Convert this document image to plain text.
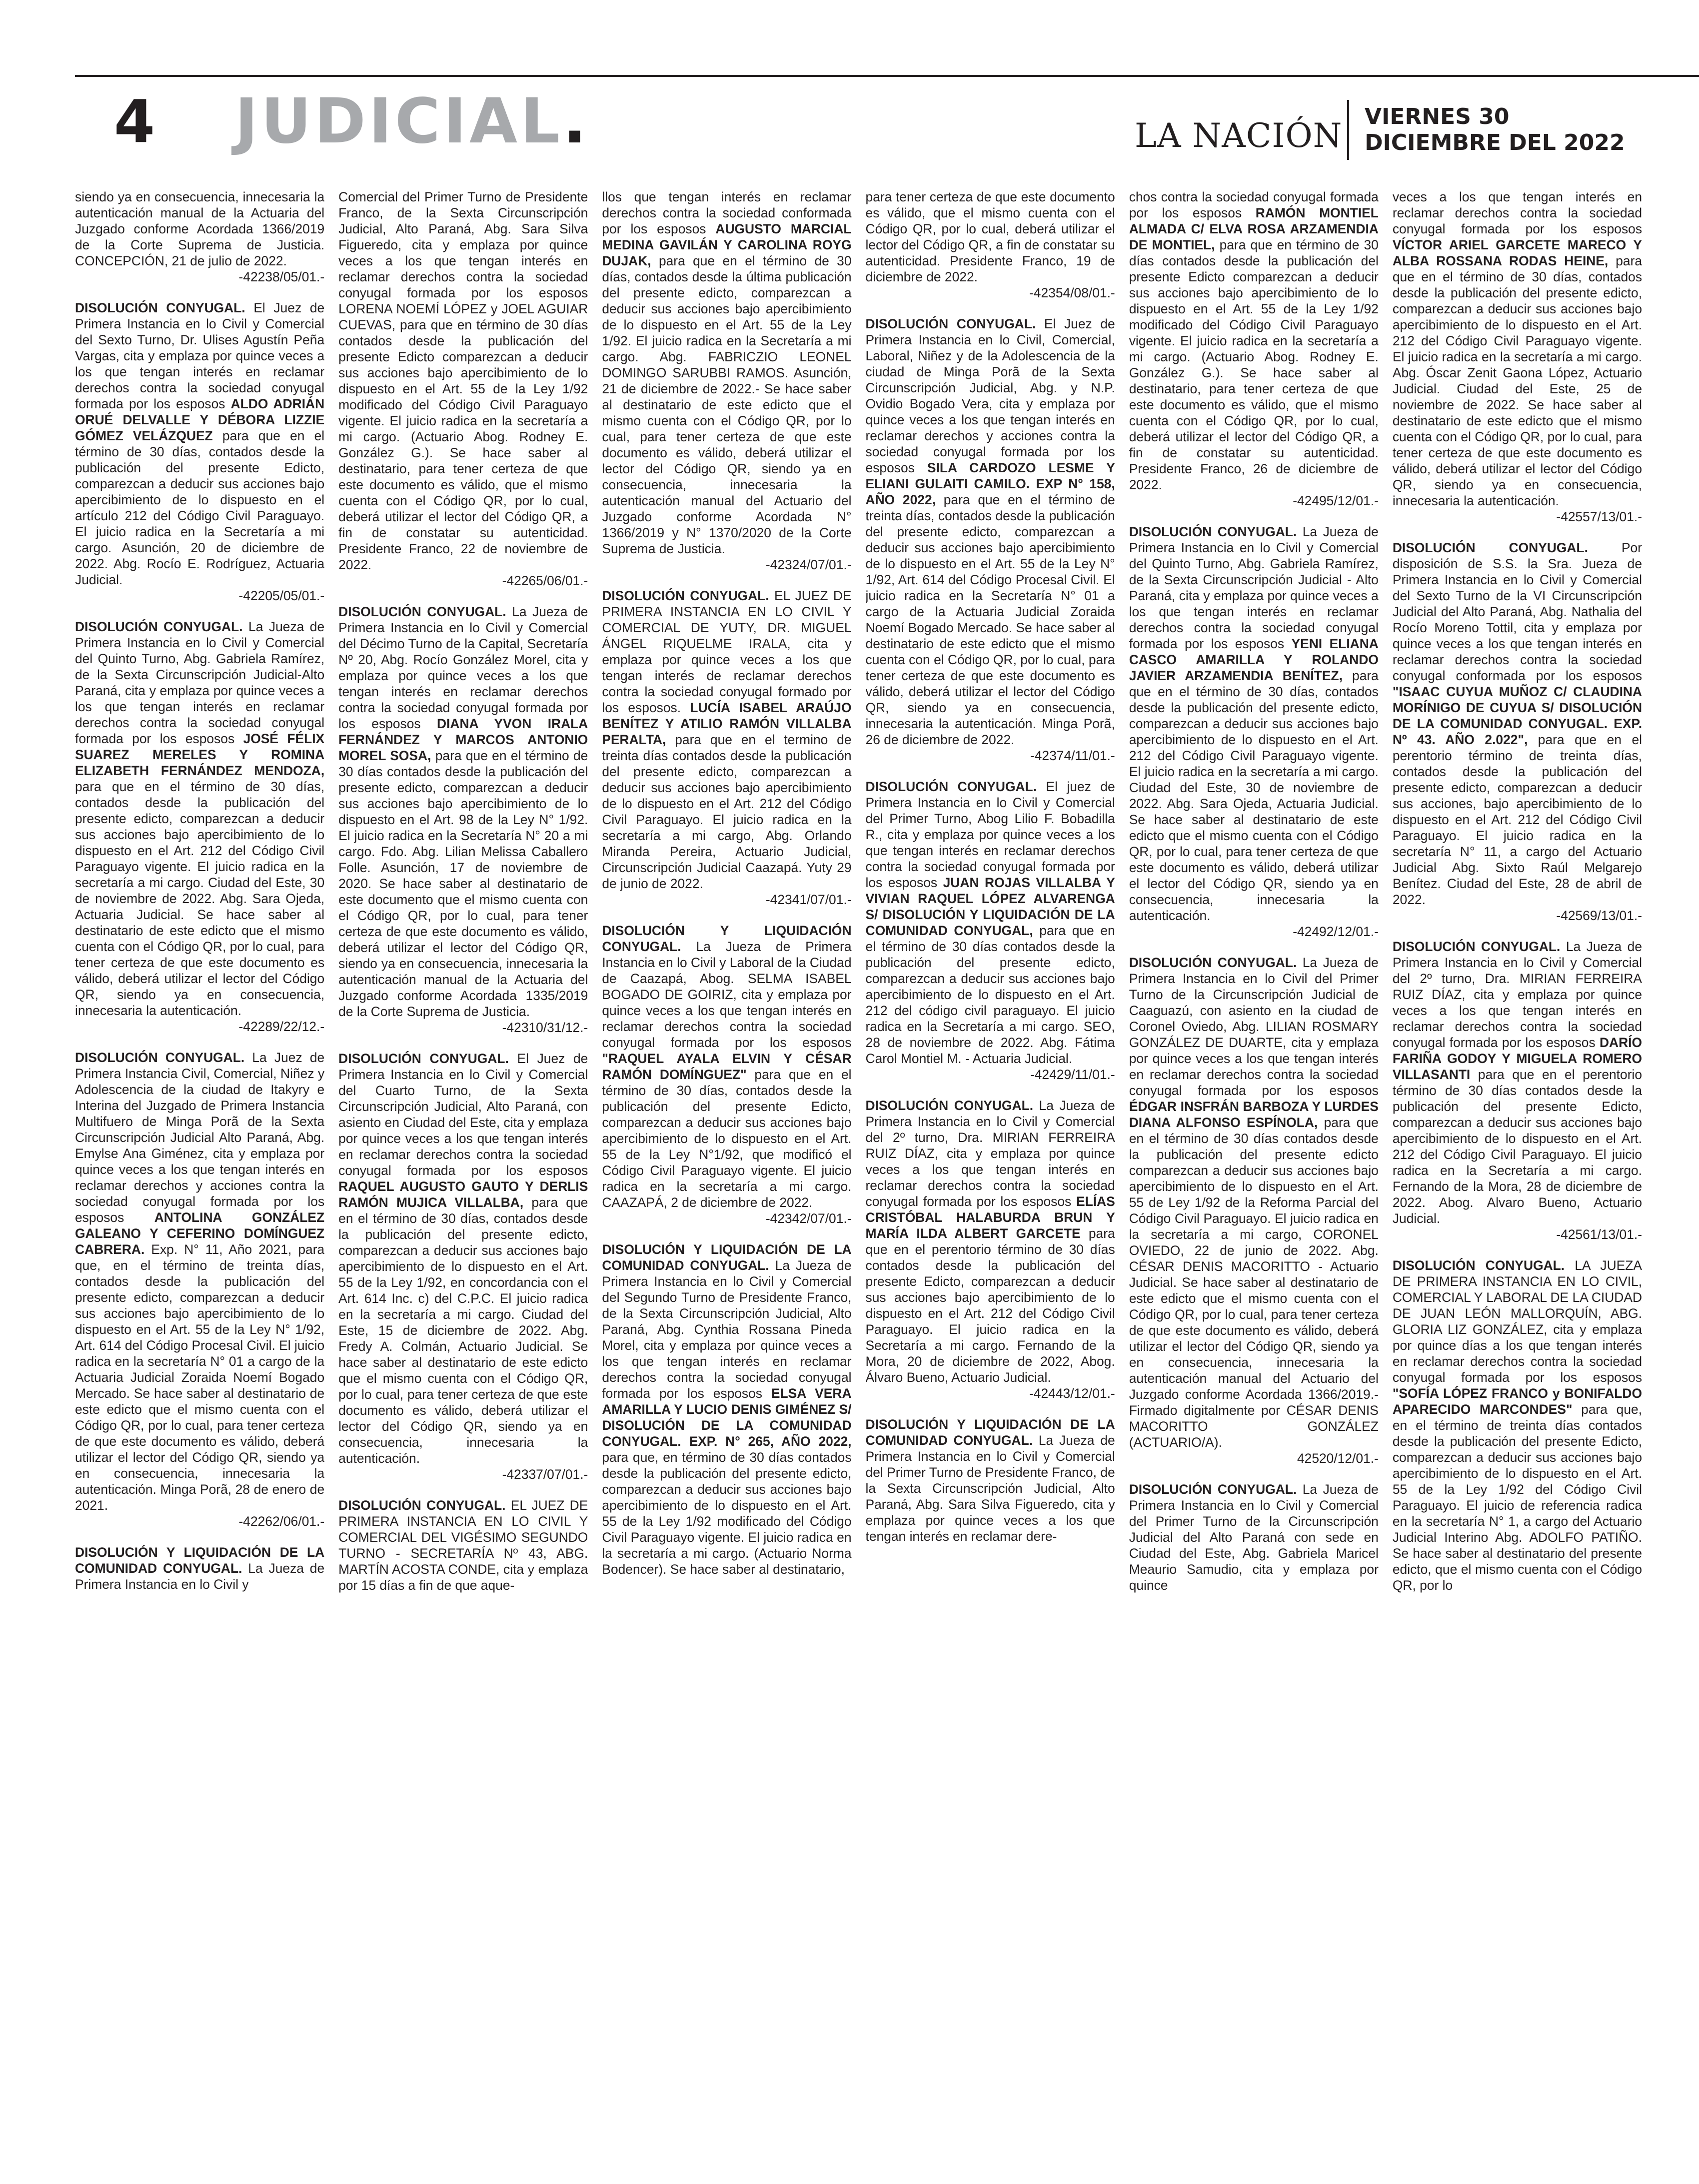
4 JUDICIAL.	LA NACIÓN VIERNES 30
DICIEMBRE DEL 2022

siendo ya en consecuencia, innecesaria la autenticación manual de la Actuaria del Juzgado conforme Acordada 1366/2019 de la Corte Suprema de Justicia. CONCEPCIÓN, 21 de julio de 2022.
-42238/05/01.-

DISOLUCIÓN CONYUGAL. El Juez de Primera Instancia en lo Civil y Comercial del Sexto Turno, Dr. Ulises Agustín Peña Vargas, cita y emplaza por quince veces a los que tengan interés en reclamar derechos contra la sociedad conyugal formada por los esposos ALDO ADRIÁN ORUÉ DELVALLE Y DÉBORA LIZZIE GÓMEZ VELÁZQUEZ para que en el término de 30 días, contados desde la publicación del presente Edicto, comparezcan a deducir sus acciones bajo apercibimiento de lo dispuesto en el artículo 212 del Código Civil Paraguayo. El juicio radica en la Secretaría a mi cargo. Asunción, 20 de diciembre de 2022. Abg. Rocío E. Rodríguez, Actuaria Judicial.
-42205/05/01.-

DISOLUCIÓN CONYUGAL. La Jueza de Primera Instancia en lo Civil y Comercial del Quinto Turno, Abg. Gabriela Ramírez, de la Sexta Circunscripción Judicial-Alto Paraná, cita y emplaza por quince veces a los que tengan interés en reclamar derechos contra la sociedad conyugal formada por los esposos JOSÉ FÉLIX SUAREZ MERELES Y ROMINA ELIZABETH FERNÁNDEZ MENDOZA, para que en el término de 30 días, contados desde la publicación del presente edicto, comparezcan a deducir sus acciones bajo apercibimiento de lo dispuesto en el Art. 212 del Código Civil Paraguayo vigente. El juicio radica en la secretaría a mi cargo. Ciudad del Este, 30 de noviembre de 2022. Abg. Sara Ojeda, Actuaria Judicial. Se hace saber al destinatario de este edicto que el mismo cuenta con el Código QR, por lo cual, para tener certeza de que este documento es válido, deberá utilizar el lector del Código QR, siendo ya en consecuencia, innecesaria la autenticación.
-42289/22/12.-

DISOLUCIÓN CONYUGAL. La Juez de Primera Instancia Civil, Comercial, Niñez y Adolescencia de la ciudad de Itakyry e Interina del Juzgado de Primera Instancia Multifuero de Minga Porã de la Sexta Circunscripción Judicial Alto Paraná, Abg. Emylse Ana Giménez, cita y emplaza por quince veces a los que tengan interés en reclamar derechos y acciones contra la sociedad conyugal formada por los esposos ANTOLINA GONZÁLEZ GALEANO Y CEFERINO DOMÍNGUEZ CABRERA. Exp. N° 11, Año 2021, para que, en el término de treinta días, contados desde la publicación del presente edicto, comparezcan a deducir sus acciones bajo apercibimiento de lo dispuesto en el Art. 55 de la Ley N° 1/92, Art. 614 del Código Procesal Civil. El juicio radica en la secretaría N° 01 a cargo de la Actuaria Judicial Zoraida Noemí Bogado Mercado. Se hace saber al destinatario de este edicto que el mismo cuenta con el Código QR, por lo cual, para tener certeza de que este documento es válido, deberá utilizar el lector del Código QR, siendo ya en consecuencia, innecesaria la autenticación. Minga Porã, 28 de enero de 2021.
-42262/06/01.-

DISOLUCIÓN Y LIQUIDACIÓN DE LA COMUNIDAD CONYUGAL. La Jueza de Primera Instancia en lo Civil y

Comercial del Primer Turno de Presidente Franco, de la Sexta Circunscripción Judicial, Alto Paraná, Abg. Sara Silva Figueredo, cita y emplaza por quince veces a los que tengan interés en reclamar derechos contra la sociedad conyugal formada por los esposos LORENA NOEMÍ LÓPEZ y JOEL AGUIAR CUEVAS, para que en término de 30 días contados desde la publicación del presente Edicto comparezcan a deducir sus acciones bajo apercibimiento de lo dispuesto en el Art. 55 de la Ley 1/92 modificado del Código Civil Paraguayo vigente. El juicio radica en la secretaría a mi cargo. (Actuario Abog. Rodney E. González G.). Se hace saber al destinatario, para tener certeza de que este documento es válido, que el mismo cuenta con el Código QR, por lo cual, deberá utilizar el lector del Código QR, a fin de constatar su autenticidad. Presidente Franco, 22 de noviembre de 2022.
-42265/06/01.-

DISOLUCIÓN CONYUGAL. La Jueza de Primera Instancia en lo Civil y Comercial del Décimo Turno de la Capital, Secretaría Nº 20, Abg. Rocío González Morel, cita y emplaza por quince veces a los que tengan interés en reclamar derechos contra la sociedad conyugal formada por los esposos DIANA YVON IRALA FERNÁNDEZ Y MARCOS ANTONIO MOREL SOSA, para que en el término de 30 días contados desde la publicación del presente edicto, comparezcan a deducir sus acciones bajo apercibimiento de lo dispuesto en el Art. 98 de la Ley N° 1/92. El juicio radica en la Secretaría N° 20 a mi cargo. Fdo. Abg. Lilian Melissa Caballero Folle. Asunción, 17 de noviembre de 2020. Se hace saber al destinatario de este documento que el mismo cuenta con el Código QR, por lo cual, para tener certeza de que este documento es válido, deberá utilizar el lector del Código QR, siendo ya en consecuencia, innecesaria la autenticación manual de la Actuaria del Juzgado conforme Acordada 1335/2019 de la Corte Suprema de Justicia.
-42310/31/12.-

DISOLUCIÓN CONYUGAL. El Juez de Primera Instancia en lo Civil y Comercial del Cuarto Turno, de la Sexta Circunscripción Judicial, Alto Paraná, con asiento en Ciudad del Este, cita y emplaza por quince veces a los que tengan interés en reclamar derechos contra la sociedad conyugal formada por los esposos RAQUEL AUGUSTO GAUTO Y DERLIS RAMÓN MUJICA VILLALBA, para que en el término de 30 días, contados desde la publicación del presente edicto, comparezcan a deducir sus acciones bajo apercibimiento de lo dispuesto en el Art. 55 de la Ley 1/92, en concordancia con el Art. 614 Inc. c) del C.P.C. El juicio radica en la secretaría a mi cargo. Ciudad del Este, 15 de diciembre de 2022. Abg. Fredy A. Colmán, Actuario Judicial. Se hace saber al destinatario de este edicto que el mismo cuenta con el Código QR, por lo cual, para tener certeza de que este documento es válido, deberá utilizar el lector del Código QR, siendo ya en consecuencia, innecesaria la autenticación.
-42337/07/01.-

DISOLUCIÓN CONYUGAL. EL JUEZ DE PRIMERA INSTANCIA EN LO CIVIL Y COMERCIAL DEL VIGÉSIMO SEGUNDO TURNO - SECRETARÍA Nº 43, ABG. MARTÍN ACOSTA CONDE, cita y emplaza por 15 días a fin de que aque-

llos que tengan interés en reclamar derechos contra la sociedad conformada por los esposos AUGUSTO MARCIAL MEDINA GAVILÁN Y CAROLINA ROYG DUJAK, para que en el término de 30 días, contados desde la última publicación del presente edicto, comparezcan a deducir sus acciones bajo apercibimiento de lo dispuesto en el Art. 55 de la Ley 1/92. El juicio radica en la Secretaría a mi cargo. Abg. FABRICZIO LEONEL DOMINGO SARUBBI RAMOS. Asunción, 21 de diciembre de 2022.- Se hace saber al destinatario de este edicto que el mismo cuenta con el Código QR, por lo cual, para tener certeza de que este documento es válido, deberá utilizar el lector del Código QR, siendo ya en consecuencia, innecesaria la autenticación manual del Actuario del Juzgado conforme Acordada N° 1366/2019 y N° 1370/2020 de la Corte Suprema de Justicia.
-42324/07/01.-

DISOLUCIÓN CONYUGAL. EL JUEZ DE PRIMERA INSTANCIA EN LO CIVIL Y COMERCIAL DE YUTY, DR. MIGUEL ÁNGEL RIQUELME IRALA, cita y emplaza por quince veces a los que tengan interés de reclamar derechos contra la sociedad conyugal formado por los esposos. LUCÍA ISABEL ARAÚJO BENÍTEZ Y ATILIO RAMÓN VILLALBA PERALTA, para que en el termino de treinta días contados desde la publicación del presente edicto, comparezcan a deducir sus acciones bajo apercibimiento de lo dispuesto en el Art. 212 del Código Civil Paraguayo. El juicio radica en la secretaría a mi cargo, Abg. Orlando Miranda Pereira, Actuario Judicial, Circunscripción Judicial Caazapá. Yuty 29 de junio de 2022.
-42341/07/01.-

DISOLUCIÓN Y LIQUIDACIÓN CONYUGAL. La Jueza de Primera Instancia en lo Civil y Laboral de la Ciudad de Caazapá, Abog. SELMA ISABEL BOGADO DE GOIRIZ, cita y emplaza por quince veces a los que tengan interés en reclamar derechos contra la sociedad conyugal formada por los esposos "RAQUEL AYALA ELVIN Y CÉSAR RAMÓN DOMÍNGUEZ" para que en el término de 30 días, contados desde la publicación del presente Edicto, comparezcan a deducir sus acciones bajo apercibimiento de lo dispuesto en el Art. 55 de la Ley N°1/92, que modificó el Código Civil Paraguayo vigente. El juicio radica en la secretaría a mi cargo. CAAZAPÁ, 2 de diciembre de 2022.
-42342/07/01.-

DISOLUCIÓN Y LIQUIDACIÓN DE LA COMUNIDAD CONYUGAL. La Jueza de Primera Instancia en lo Civil y Comercial del Segundo Turno de Presidente Franco, de la Sexta Circunscripción Judicial, Alto Paraná, Abg. Cynthia Rossana Pineda Morel, cita y emplaza por quince veces a los que tengan interés en reclamar derechos contra la sociedad conyugal formada por los esposos ELSA VERA AMARILLA Y LUCIO DENIS GIMÉNEZ S/ DISOLUCIÓN DE LA COMUNIDAD CONYUGAL. EXP. N° 265, AÑO 2022, para que, en término de 30 días contados desde la publicación del presente edicto, comparezcan a deducir sus acciones bajo apercibimiento de lo dispuesto en el Art. 55 de la Ley 1/92 modificado del Código Civil Paraguayo vigente. El juicio radica en la secretaría a mi cargo. (Actuario Norma Bodencer). Se hace saber al destinatario,

para tener certeza de que este documento es válido, que el mismo cuenta con el Código QR, por lo cual, deberá utilizar el lector del Código QR, a fin de constatar su autenticidad. Presidente Franco, 19 de diciembre de 2022.
-42354/08/01.-

DISOLUCIÓN CONYUGAL. El Juez de Primera Instancia en lo Civil, Comercial, Laboral, Niñez y de la Adolescencia de la ciudad de Minga Porã de la Sexta Circunscripción Judicial, Abg. y N.P. Ovidio Bogado Vera, cita y emplaza por quince veces a los que tengan interés en reclamar derechos y acciones contra la sociedad conyugal formada por los esposos SILA CARDOZO LESME Y ELIANI GULAITI CAMILO. EXP N° 158, AÑO 2022, para que en el término de treinta días, contados desde la publicación del presente edicto, comparezcan a deducir sus acciones bajo apercibimiento de lo dispuesto en el Art. 55 de la Ley N° 1/92, Art. 614 del Código Procesal Civil. El juicio radica en la Secretaría N° 01 a cargo de la Actuaria Judicial Zoraida Noemí Bogado Mercado. Se hace saber al destinatario de este edicto que el mismo cuenta con el Código QR, por lo cual, para tener certeza de que este documento es válido, deberá utilizar el lector del Código QR, siendo ya en consecuencia, innecesaria la autenticación. Minga Porã, 26 de diciembre de 2022.
-42374/11/01.-

DISOLUCIÓN CONYUGAL. El juez de Primera Instancia en lo Civil y Comercial del Primer Turno, Abog Lilio F. Bobadilla R., cita y emplaza por quince veces a los que tengan interés en reclamar derechos contra la sociedad conyugal formada por los esposos JUAN ROJAS VILLALBA Y VIVIAN RAQUEL LÓPEZ ALVARENGA S/ DISOLUCIÓN Y LIQUIDACIÓN DE LA COMUNIDAD CONYUGAL, para que en el término de 30 días contados desde la publicación del presente edicto, comparezcan a deducir sus acciones bajo apercibimiento de lo dispuesto en el Art. 212 del código civil paraguayo. El juicio radica en la Secretaría a mi cargo. SEO, 28 de noviembre de 2022. Abg. Fátima Carol Montiel M. - Actuaria Judicial.
-42429/11/01.-

DISOLUCIÓN CONYUGAL. La Jueza de Primera Instancia en lo Civil y Comercial del 2º turno, Dra. MIRIAN FERREIRA RUIZ DÍAZ, cita y emplaza por quince veces a los que tengan interés en reclamar derechos contra la sociedad conyugal formada por los esposos ELÍAS CRISTÓBAL HALABURDA BRUN Y MARÍA ILDA ALBERT GARCETE para que en el perentorio término de 30 días contados desde la publicación del presente Edicto, comparezcan a deducir sus acciones bajo apercibimiento de lo dispuesto en el Art. 212 del Código Civil Paraguayo. El juicio radica en la Secretaría a mi cargo. Fernando de la Mora, 20 de diciembre de 2022, Abog. Álvaro Bueno, Actuario Judicial.
-42443/12/01.-

DISOLUCIÓN Y LIQUIDACIÓN DE LA COMUNIDAD CONYUGAL. La Jueza de Primera Instancia en lo Civil y Comercial del Primer Turno de Presidente Franco, de la Sexta Circunscripción Judicial, Alto Paraná, Abg. Sara Silva Figueredo, cita y emplaza por quince veces a los que tengan interés en reclamar dere-

chos contra la sociedad conyugal formada por los esposos RAMÓN MONTIEL ALMADA C/ ELVA ROSA ARZAMENDIA DE MONTIEL, para que en término de 30 días contados desde la publicación del presente Edicto comparezcan a deducir sus acciones bajo apercibimiento de lo dispuesto en el Art. 55 de la Ley 1/92 modificado del Código Civil Paraguayo vigente. El juicio radica en la secretaría a mi cargo. (Actuario Abog. Rodney E. González G.). Se hace saber al destinatario, para tener certeza de que este documento es válido, que el mismo cuenta con el Código QR, por lo cual, deberá utilizar el lector del Código QR, a fin de constatar su autenticidad. Presidente Franco, 26 de diciembre de 2022.
-42495/12/01.-

DISOLUCIÓN CONYUGAL. La Jueza de Primera Instancia en lo Civil y Comercial del Quinto Turno, Abg. Gabriela Ramírez, de la Sexta Circunscripción Judicial - Alto Paraná, cita y emplaza por quince veces a los que tengan interés en reclamar derechos contra la sociedad conyugal formada por los esposos YENI ELIANA CASCO AMARILLA Y ROLANDO JAVIER ARZAMENDIA BENÍTEZ, para que en el término de 30 días, contados desde la publicación del presente edicto, comparezcan a deducir sus acciones bajo apercibimiento de lo dispuesto en el Art. 212 del Código Civil Paraguayo vigente. El juicio radica en la secretaría a mi cargo. Ciudad del Este, 30 de noviembre de 2022. Abg. Sara Ojeda, Actuaria Judicial. Se hace saber al destinatario de este edicto que el mismo cuenta con el Código QR, por lo cual, para tener certeza de que este documento es válido, deberá utilizar el lector del Código QR, siendo ya en consecuencia, innecesaria la autenticación.
-42492/12/01.-

DISOLUCIÓN CONYUGAL. La Jueza de Primera Instancia en lo Civil del Primer Turno de la Circunscripción Judicial de Caaguazú, con asiento en la ciudad de Coronel Oviedo, Abg. LILIAN ROSMARY GONZÁLEZ DE DUARTE, cita y emplaza por quince veces a los que tengan interés en reclamar derechos contra la sociedad conyugal formada por los esposos ÉDGAR INSFRÁN BARBOZA Y LURDES DIANA ALFONSO ESPÍNOLA, para que en el término de 30 días contados desde la publicación del presente edicto comparezcan a deducir sus acciones bajo apercibimiento de lo dispuesto en el Art. 55 de Ley 1/92 de la Reforma Parcial del Código Civil Paraguayo. El juicio radica en la secretaría a mi cargo, CORONEL OVIEDO, 22 de junio de 2022. Abg. CÉSAR DENIS MACORITTO - Actuario Judicial. Se hace saber al destinatario de este edicto que el mismo cuenta con el Código QR, por lo cual, para tener certeza de que este documento es válido, deberá utilizar el lector del Código QR, siendo ya en consecuencia, innecesaria la autenticación manual del Actuario del Juzgado conforme Acordada 1366/2019.-Firmado digitalmente por CÉSAR DENIS MACORITTO GONZÁLEZ (ACTUARIO/A).
42520/12/01.-

DISOLUCIÓN CONYUGAL. La Jueza de Primera Instancia en lo Civil y Comercial del Primer Turno de la Circunscripción Judicial del Alto Paraná con sede en Ciudad del Este, Abg. Gabriela Maricel Meaurio Samudio, cita y emplaza por quince

veces a los que tengan interés en reclamar derechos contra la sociedad conyugal formada por los esposos VÍCTOR ARIEL GARCETE MARECO Y ALBA ROSSANA RODAS HEINE, para que en el término de 30 días, contados desde la publicación del presente edicto, comparezcan a deducir sus acciones bajo apercibimiento de lo dispuesto en el Art. 212 del Código Civil Paraguayo vigente. El juicio radica en la secretaría a mi cargo. Abg. Óscar Zenit Gaona López, Actuario Judicial. Ciudad del Este, 25 de noviembre de 2022. Se hace saber al destinatario de este edicto que el mismo cuenta con el Código QR, por lo cual, para tener certeza de que este documento es válido, deberá utilizar el lector del Código QR, siendo ya en consecuencia, innecesaria la autenticación.
-42557/13/01.-

DISOLUCIÓN CONYUGAL. Por disposición de S.S. la Sra. Jueza de Primera Instancia en lo Civil y Comercial del Sexto Turno de la VI Circunscripción Judicial del Alto Paraná, Abg. Nathalia del Rocío Moreno Tottil, cita y emplaza por quince veces a los que tengan interés en reclamar derechos contra la sociedad conyugal conformada por los esposos "ISAAC CUYUA MUÑOZ C/ CLAUDINA MORÍNIGO DE CUYUA S/ DISOLUCIÓN DE LA COMUNIDAD CONYUGAL. EXP. Nº 43. AÑO 2.022", para que en el perentorio término de treinta días, contados desde la publicación del presente edicto, comparezcan a deducir sus acciones, bajo apercibimiento de lo dispuesto en el Art. 212 del Código Civil Paraguayo. El juicio radica en la secretaría N° 11, a cargo del Actuario Judicial Abg. Sixto Raúl Melgarejo Benítez. Ciudad del Este, 28 de abril de 2022.
-42569/13/01.-

DISOLUCIÓN CONYUGAL. La Jueza de Primera Instancia en lo Civil y Comercial del 2º turno, Dra. MIRIAN FERREIRA RUIZ DÍAZ, cita y emplaza por quince veces a los que tengan interés en reclamar derechos contra la sociedad conyugal formada por los esposos DARÍO FARIÑA GODOY Y MIGUELA ROMERO VILLASANTI para que en el perentorio término de 30 días contados desde la publicación del presente Edicto, comparezcan a deducir sus acciones bajo apercibimiento de lo dispuesto en el Art. 212 del Código Civil Paraguayo. El juicio radica en la Secretaría a mi cargo. Fernando de la Mora, 28 de diciembre de 2022. Abog. Alvaro Bueno, Actuario Judicial.
-42561/13/01.-

DISOLUCIÓN CONYUGAL. LA JUEZA DE PRIMERA INSTANCIA EN LO CIVIL, COMERCIAL Y LABORAL DE LA CIUDAD DE JUAN LEÓN MALLORQUÍN, ABG. GLORIA LIZ GONZÁLEZ, cita y emplaza por quince días a los que tengan interés en reclamar derechos contra la sociedad conyugal formada por los esposos "SOFÍA LÓPEZ FRANCO y BONIFALDO APARECIDO MARCONDES" para que, en el término de treinta días contados desde la publicación del presente Edicto, comparezcan a deducir sus acciones bajo apercibimiento de lo dispuesto en el Art. 55 de la Ley 1/92 del Código Civil Paraguayo. El juicio de referencia radica en la secretaría N° 1, a cargo del Actuario Judicial Interino Abg. ADOLFO PATIÑO. Se hace saber al destinatario del presente edicto, que el mismo cuenta con el Código QR, por lo
